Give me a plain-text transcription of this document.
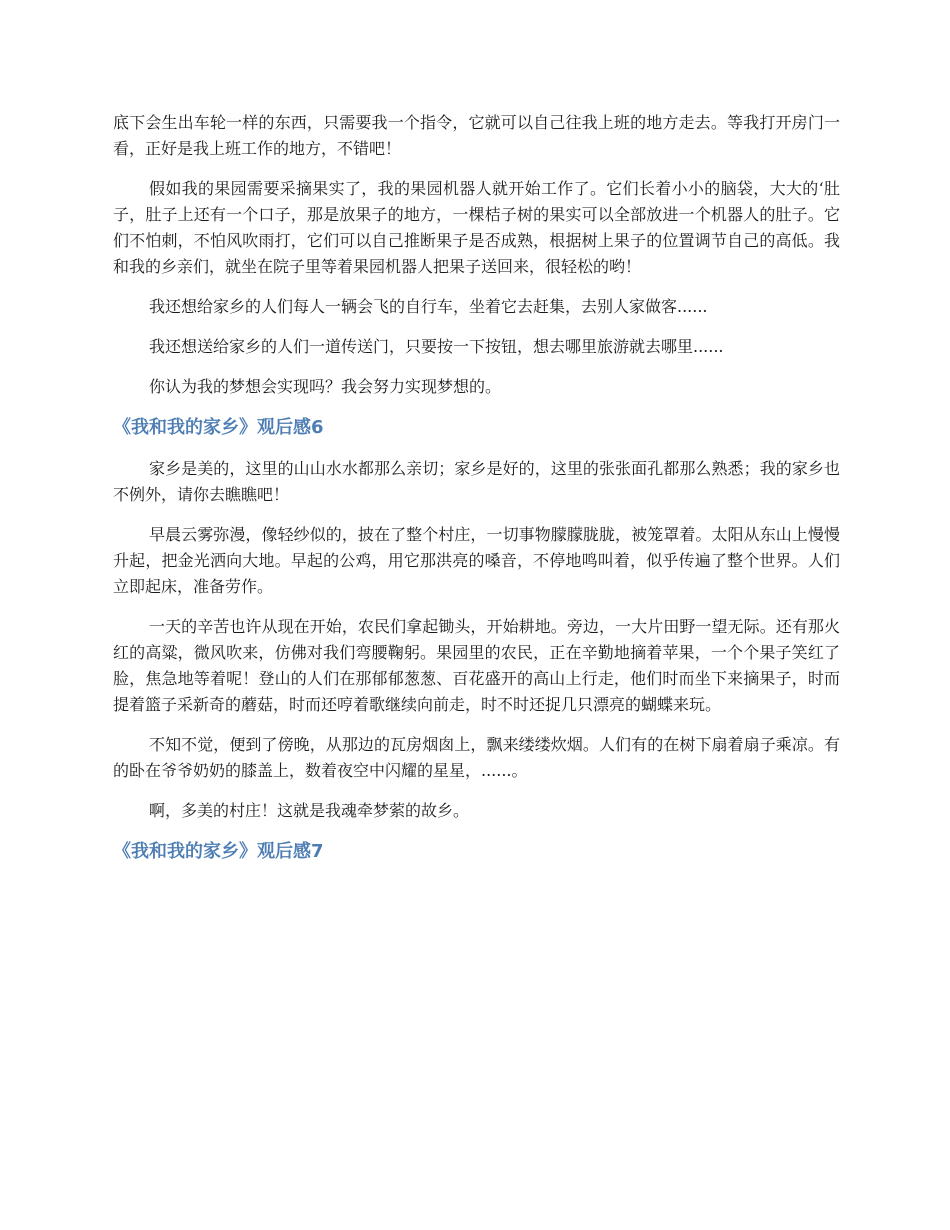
底下会生出车轮一样的东西，只需要我一个指令，它就可以自己往我上班的地方走去。等我打开房门一看，正好是我上班工作的地方，不错吧！

假如我的果园需要采摘果实了，我的果园机器人就开始工作了。它们长着小小的脑袋，大大的‘肚子，肚子上还有一个口子，那是放果子的地方，一棵桔子树的果实可以全部放进一个机器人的肚子。它们不怕刺，不怕风吹雨打，它们可以自己推断果子是否成熟，根据树上果子的位置调节自己的高低。我和我的乡亲们，就坐在院子里等着果园机器人把果子送回来，很轻松的哟！

我还想给家乡的人们每人一辆会飞的自行车，坐着它去赶集，去别人家做客......

我还想送给家乡的人们一道传送门，只要按一下按钮，想去哪里旅游就去哪里......

你认为我的梦想会实现吗？我会努力实现梦想的。

《我和我的家乡》观后感6

家乡是美的，这里的山山水水都那么亲切；家乡是好的，这里的张张面孔都那么熟悉；我的家乡也不例外，请你去瞧瞧吧！

早晨云雾弥漫，像轻纱似的，披在了整个村庄，一切事物朦朦胧胧，被笼罩着。太阳从东山上慢慢升起，把金光洒向大地。早起的公鸡，用它那洪亮的嗓音，不停地鸣叫着，似乎传遍了整个世界。人们立即起床，准备劳作。

一天的辛苦也许从现在开始，农民们拿起锄头，开始耕地。旁边，一大片田野一望无际。还有那火红的高粱，微风吹来，仿佛对我们弯腰鞠躬。果园里的农民，正在辛勤地摘着苹果，一个个果子笑红了脸，焦急地等着呢！登山的人们在那郁郁葱葱、百花盛开的高山上行走，他们时而坐下来摘果子，时而提着篮子采新奇的蘑菇，时而还哼着歌继续向前走，时不时还捉几只漂亮的蝴蝶来玩。

不知不觉，便到了傍晚，从那边的瓦房烟囱上，飘来缕缕炊烟。人们有的在树下扇着扇子乘凉。有的卧在爷爷奶奶的膝盖上，数着夜空中闪耀的星星，......。

啊，多美的村庄！这就是我魂牵梦萦的故乡。

《我和我的家乡》观后感7
